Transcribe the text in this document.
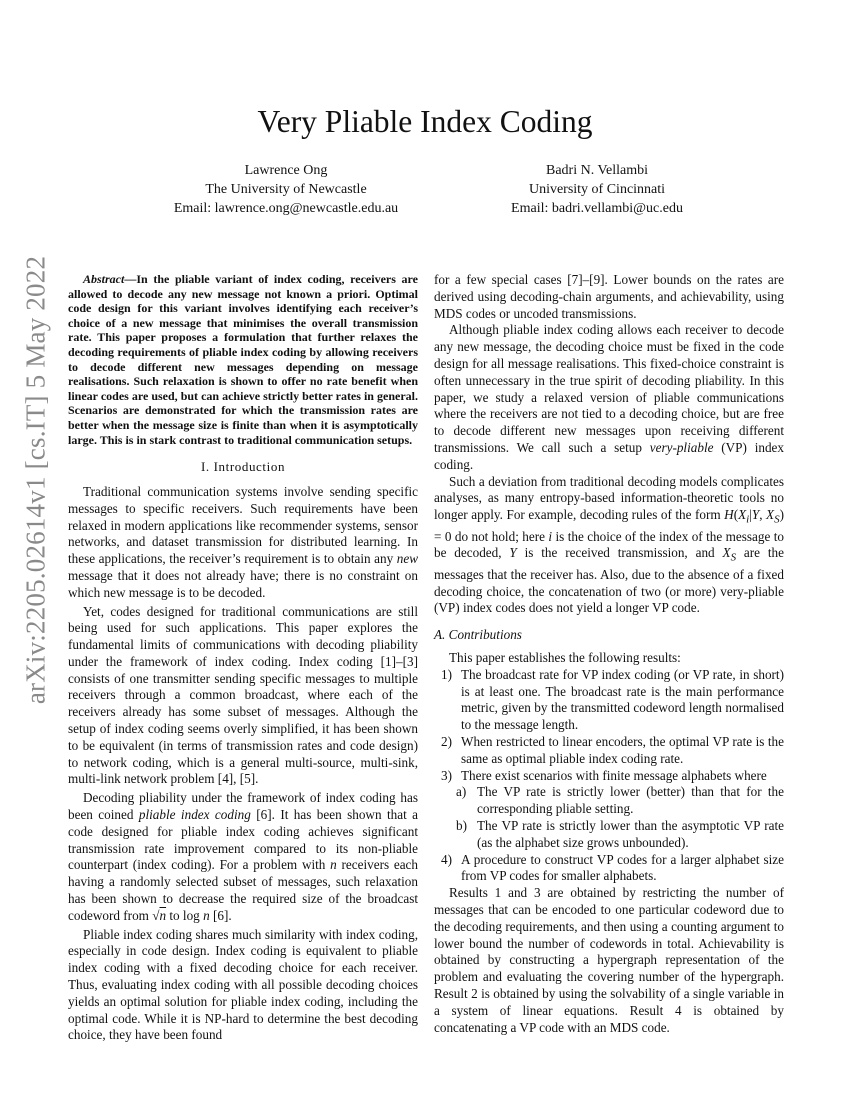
arXiv:2205.02614v1 [cs.IT] 5 May 2022
Very Pliable Index Coding
Lawrence Ong
The University of Newcastle
Email: lawrence.ong@newcastle.edu.au
Badri N. Vellambi
University of Cincinnati
Email: badri.vellambi@uc.edu

Abstract—In the pliable variant of index coding, receivers are allowed to decode any new message not known a priori. Optimal code design for this variant involves identifying each receiver’s choice of a new message that minimises the overall transmission rate. This paper proposes a formulation that further relaxes the decoding requirements of pliable index coding by allowing receivers to decode different new messages depending on message realisations. Such relaxation is shown to offer no rate benefit when linear codes are used, but can achieve strictly better rates in general. Scenarios are demonstrated for which the transmission rates are better when the message size is finite than when it is asymptotically large. This is in stark contrast to traditional communication setups.

I. Introduction

Traditional communication systems involve sending specific messages to specific receivers. Such requirements have been relaxed in modern applications like recommender systems, sensor networks, and dataset transmission for distributed learning. In these applications, the receiver’s requirement is to obtain any new message that it does not already have; there is no constraint on which new message is to be decoded.

Yet, codes designed for traditional communications are still being used for such applications. This paper explores the fundamental limits of communications with decoding pliability under the framework of index coding. Index coding [1]–[3] consists of one transmitter sending specific messages to multiple receivers through a common broadcast, where each of the receivers already has some subset of messages. Although the setup of index coding seems overly simplified, it has been shown to be equivalent (in terms of transmission rates and code design) to network coding, which is a general multi-source, multi-sink, multi-link network problem [4], [5].

Decoding pliability under the framework of index coding has been coined pliable index coding [6]. It has been shown that a code designed for pliable index coding achieves significant transmission rate improvement compared to its non-pliable counterpart (index coding). For a problem with n receivers each having a randomly selected subset of messages, such relaxation has been shown to decrease the required size of the broadcast codeword from √n to log n [6].

Pliable index coding shares much similarity with index coding, especially in code design. Index coding is equivalent to pliable index coding with a fixed decoding choice for each receiver. Thus, evaluating index coding with all possible decoding choices yields an optimal solution for pliable index coding, including the optimal code. While it is NP-hard to determine the best decoding choice, they have been found

for a few special cases [7]–[9]. Lower bounds on the rates are derived using decoding-chain arguments, and achievability, using MDS codes or uncoded transmissions.

Although pliable index coding allows each receiver to decode any new message, the decoding choice must be fixed in the code design for all message realisations. This fixed-choice constraint is often unnecessary in the true spirit of decoding pliability. In this paper, we study a relaxed version of pliable communications where the receivers are not tied to a decoding choice, but are free to decode different new messages upon receiving different transmissions. We call such a setup very-pliable (VP) index coding.

Such a deviation from traditional decoding models complicates analyses, as many entropy-based information-theoretic tools no longer apply. For example, decoding rules of the form $H(X_i|Y$, $X_S) = 0$ do not hold; here i is the choice of the index of the message to be decoded, Y is the received transmission, and $X_S$ are the messages that the receiver has. Also, due to the absence of a fixed decoding choice, the concatenation of two (or more) very-pliable (VP) index codes does not yield a longer VP code.

A. Contributions

This paper establishes the following results:

1) The broadcast rate for VP index coding (or VP rate, in short) is at least one. The broadcast rate is the main performance metric, given by the transmitted codeword length normalised to the message length.
2) When restricted to linear encoders, the optimal VP rate is the same as optimal pliable index coding rate.
3) There exist scenarios with finite message alphabets where
a) The VP rate is strictly lower (better) than that for the corresponding pliable setting.
b) The VP rate is strictly lower than the asymptotic VP rate (as the alphabet size grows unbounded).
4) A procedure to construct VP codes for a larger alphabet size from VP codes for smaller alphabets.

Results 1 and 3 are obtained by restricting the number of messages that can be encoded to one particular codeword due to the decoding requirements, and then using a counting argument to lower bound the number of codewords in total. Achievability is obtained by constructing a hypergraph representation of the problem and evaluating the covering number of the hypergraph. Result 2 is obtained by using the solvability of a single variable in a system of linear equations. Result 4 is obtained by concatenating a VP code with an MDS code.
